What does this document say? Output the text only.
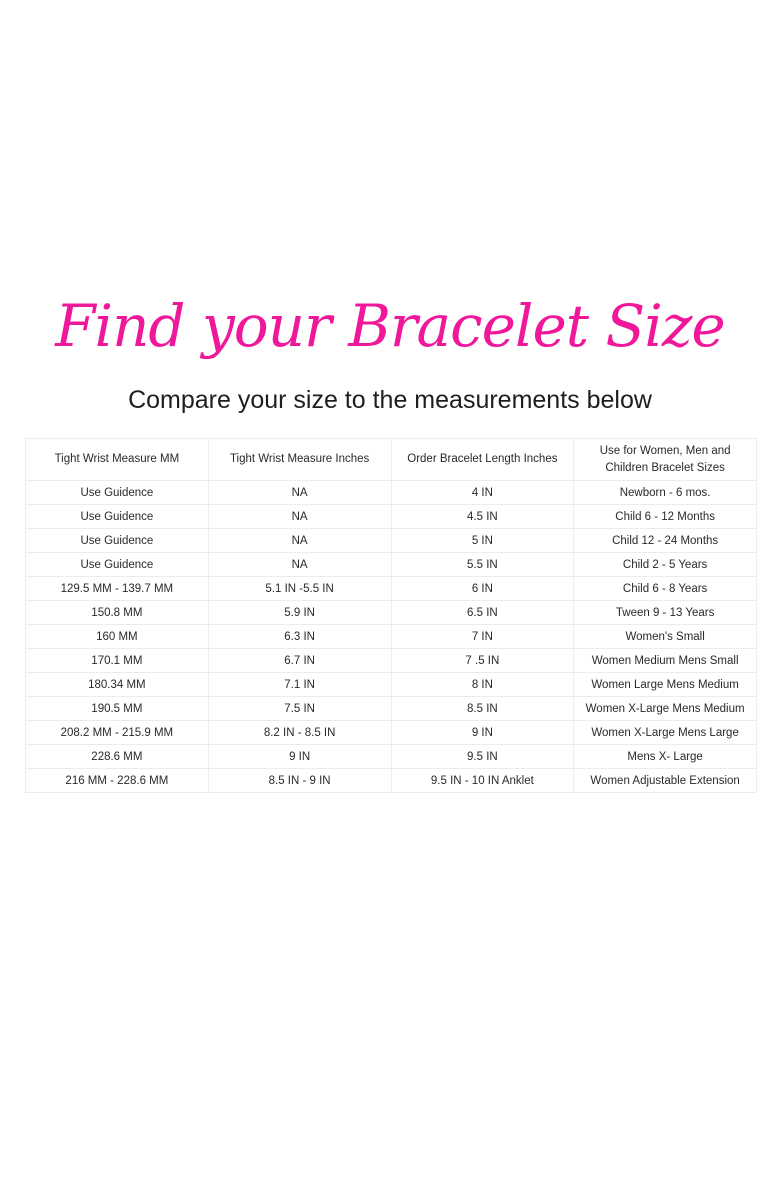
Find your Bracelet Size
Compare your size to the measurements below
Tight Wrist Measure MM	Tight Wrist Measure Inches	Order Bracelet Length Inches	Use for Women, Men and Children Bracelet Sizes
Use Guidence	NA	4 IN	Newborn - 6 mos.
Use Guidence	NA	4.5 IN	Child 6 - 12 Months
Use Guidence	NA	5 IN	Child 12 - 24 Months
Use Guidence	NA	5.5 IN	Child 2 - 5 Years
129.5 MM - 139.7 MM	5.1 IN -5.5 IN	6 IN	Child 6 - 8 Years
150.8 MM	5.9 IN	6.5 IN	Tween 9 - 13 Years
160 MM	6.3 IN	7 IN	Women's Small
170.1 MM	6.7 IN	7 .5 IN	Women Medium Mens Small
180.34 MM	7.1 IN	8 IN	Women Large Mens Medium
190.5 MM	7.5 IN	8.5 IN	Women X-Large Mens Medium
208.2 MM - 215.9 MM	8.2 IN - 8.5 IN	9 IN	Women X-Large Mens Large
228.6 MM	9 IN	9.5 IN	Mens X- Large
216 MM - 228.6 MM	8.5 IN - 9 IN	9.5 IN - 10 IN Anklet	Women Adjustable Extension
